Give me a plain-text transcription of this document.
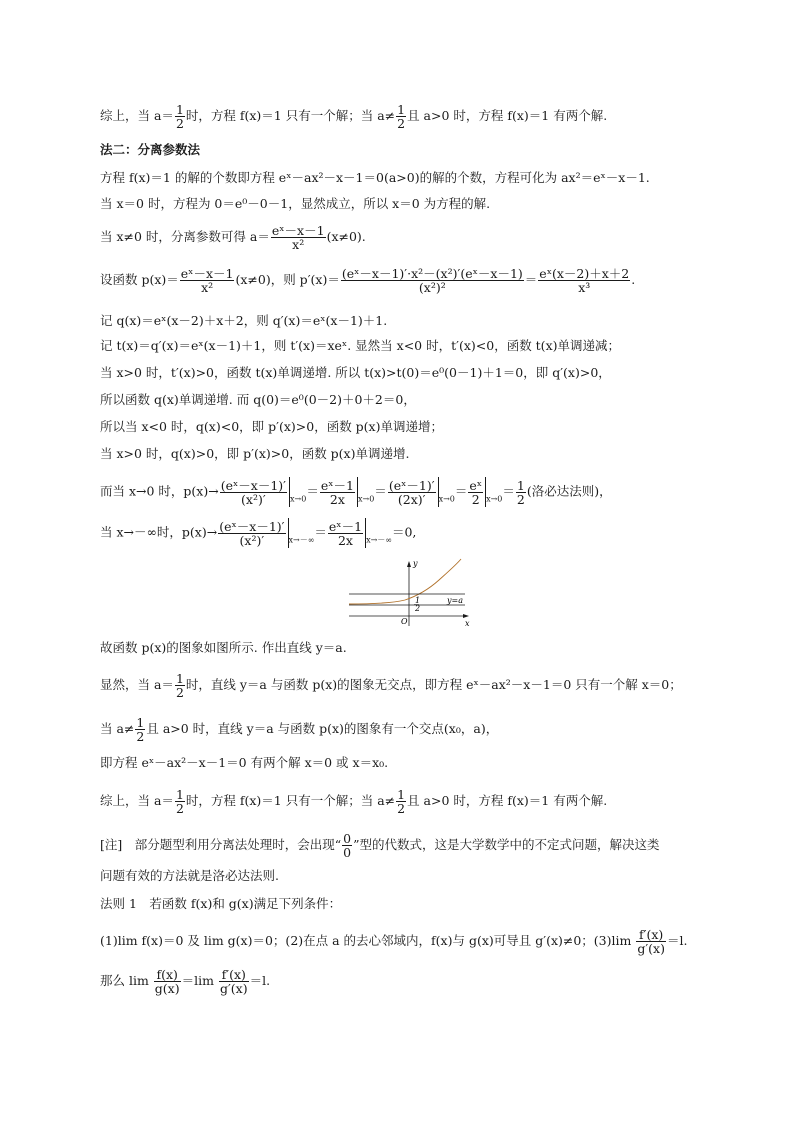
综上，当 $a= \frac{1}{2}$ 时，方程 f(x)＝1 只有一个解；当 $a\ne \frac{1}{2}$ 且 a>0 时，方程 f(x)＝1 有两个解.
法二：分离参数法
方程 f(x)＝1 的解的个数即方程 eˣ－ax²－x－1＝0(a>0)的解的个数，方程可化为 ax²＝eˣ－x－1.
当 x＝0 时，方程为 0＝e⁰－0－1，显然成立，所以 x＝0 为方程的解.
当 x≠0 时，分离参数可得 $a= \frac{\text{eˣ－x－1}}{\text{x²}} (x\ne 0)$.
设函数 $p(x)= \frac{\text{eˣ－x－1}}{\text{x²}} (x\ne 0)$，则 $p'(x)= \frac{\text{(eˣ－x－1)′·x²－(x²)′(eˣ－x－1)}}{\text{(x²)²}} = \frac{\text{eˣ(x－2)＋x＋2}}{\text{x³}}$ .
记 q(x)＝eˣ(x－2)＋x＋2，则 q′(x)＝eˣ(x－1)＋1.
记 t(x)＝q′(x)＝eˣ(x－1)＋1，则 t′(x)＝xeˣ. 显然当 x<0 时，t′(x)<0，函数 t(x)单调递减；
当 x>0 时，t′(x)>0，函数 t(x)单调递增. 所以 t(x)>t(0)＝e⁰(0－1)＋1＝0，即 q′(x)>0，
所以函数 q(x)单调递增. 而 q(0)＝e⁰(0－2)＋0＋2＝0，
所以当 x<0 时，q(x)<0，即 p′(x)>0，函数 p(x)单调递增；
当 x>0 时，q(x)>0，即 p′(x)>0，函数 p(x)单调递增.
而当 x→0 时，$p(x)\to \frac{\text{(eˣ－x－1)′}}{\text{(x²)′}} _{x\to 0}= \frac{\text{eˣ－1}}{2x} _{x\to 0}= \frac{\text{(eˣ－1)′}}{(2x)'} _{x\to 0}= \frac{\text{eˣ}}{2} _{x\to 0}= \frac{1}{2}$ (洛必达法则)，
当 x→－∞时，$p(x)\to \frac{\text{(eˣ－x－1)′}}{\text{(x²)′}} _{x\to-\infty}= \frac{\text{eˣ－1}}{2x} _{x\to-\infty}=0$,
x
y
O
1
2
y=a
故函数 p(x)的图象如图所示. 作出直线 y＝a.
显然，当 $a= \frac{1}{2}$ 时，直线 y＝a 与函数 p(x)的图象无交点，即方程 eˣ－ax²－x－1＝0 只有一个解 x＝0；
当 $a\ne \frac{1}{2}$ 且 a>0 时，直线 y＝a 与函数 p(x)的图象有一个交点(x₀，a)，
即方程 eˣ－ax²－x－1＝0 有两个解 x＝0 或 x＝x₀.
综上，当 $a= \frac{1}{2}$ 时，方程 f(x)＝1 只有一个解；当 $a\ne \frac{1}{2}$ 且 a>0 时，方程 f(x)＝1 有两个解.
[注]　部分题型利用分离法处理时，会出现“ $\frac{0}{0}$ ”型的代数式，这是大学数学中的不定式问题，解决这类
问题有效的方法就是洛必达法则.
法则 1　若函数 f(x)和 g(x)满足下列条件：
(1)lim f(x)＝0 及 lim g(x)＝0；(2)在点 a 的去心邻域内，f(x)与 g(x)可导且 g′(x)≠0；$(3)\lim \frac{f'(x)}{g'(x)} =l$.
那么 $\lim \frac{f(x)}{g(x)} =\lim \frac{f'(x)}{g'(x)} =l$.
